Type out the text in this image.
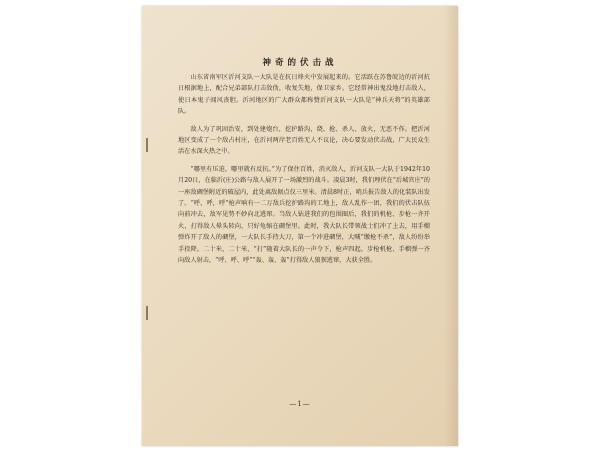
神奇的伏击战

山东省南军区沂河支队一大队是在抗日烽火中发展起来的。它活跃在苏鲁皖边的沂河抗日根据地上，配合兄弟部队打击敌伪，收复失地，保卫家乡。它经常神出鬼没地打击敌人，使日本鬼子闻风丧胆。沂河地区的广大群众都称赞沂河支队一大队是“神兵天将”的英雄部队。

敌人为了巩固治安，到处建炮台，挖护路沟，烧、抢、杀人、放火，无恶不作。把沂河地区变成了一个敌占村庄，在沂河两岸老百姓无人不议论，决心要发动伏击战，广大民众生活在水深火热之中。

“哪里有压迫，哪里就有反抗。”为了保住百姓，消灭敌人，沂河支队一大队于1942年10月20日，在临沂(庄)公路与敌人展开了一场激烈的战斗。凌晨3时，我们埋伏在“后城官庄”的一座敌碉堡附近的破屋内，此处离敌据点仅三里米。清晨8时正，哨兵报告敌人的化装队出发了。“呼，呼，呼”枪声响有一二万敌兵挖护路沟的工地上，敌人乱作一团，我们的伏击队伍向前冲去，敌军见势不妙向北逃窜。当敌人钻进我们的包围圈后，我们的机枪、步枪一齐开火，打得敌人晕头转向，只好龟缩在碉堡里。此时，我大队长带领战士们冲了上去，用手榴弹炸开了敌人的碉堡，一大队长手持大刀，第一个冲进碉堡，大喊“缴枪不杀”，敌人纷纷举手投降。二十米，二十米，“打”随着大队长的一声令下，枪声四起，步枪机枪、手榴弹一齐向敌人射击，“呼、呼、呼”“轰、轰、轰”打得敌人狼狈逃窜，大获全胜。

—1—
